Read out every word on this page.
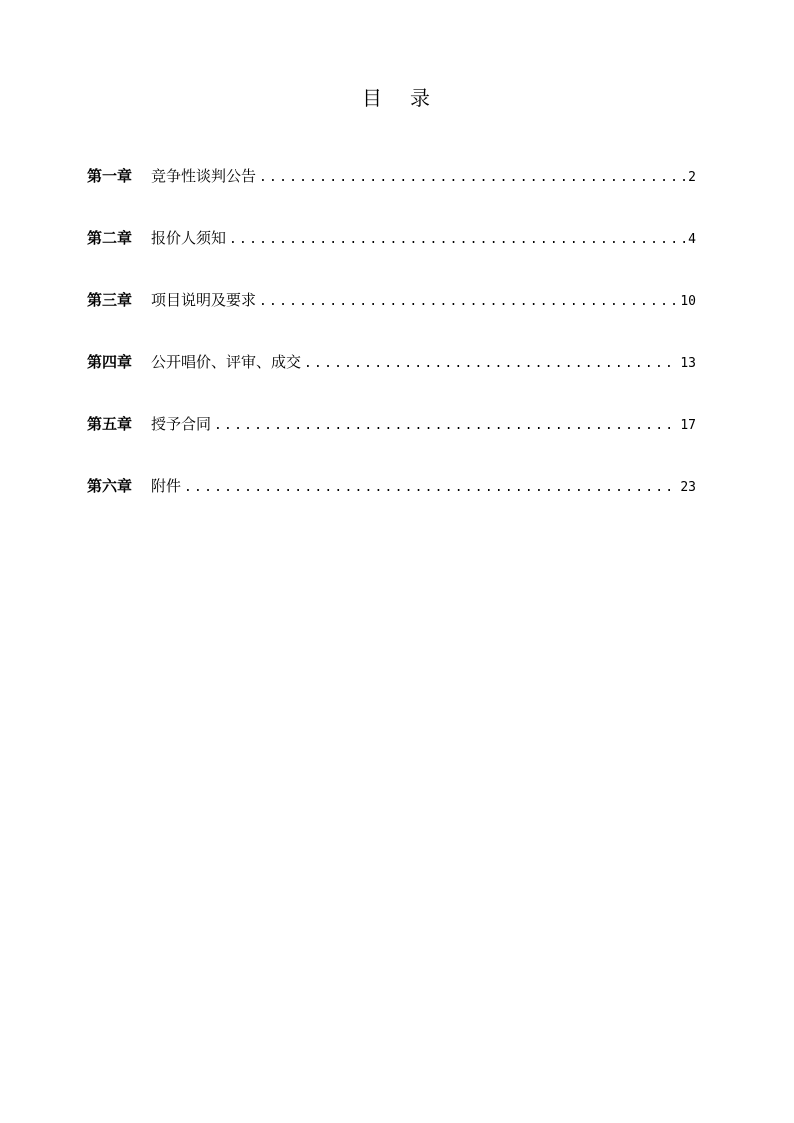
目 录
第一章	竞争性谈判公告 .....	2
第二章	报价人须知 .....	4
第三章	项目说明及要求 .....	10
第四章	公开唱价、评审、成交 .....	13
第五章	授予合同 .....	17
第六章	附件 .....	23
